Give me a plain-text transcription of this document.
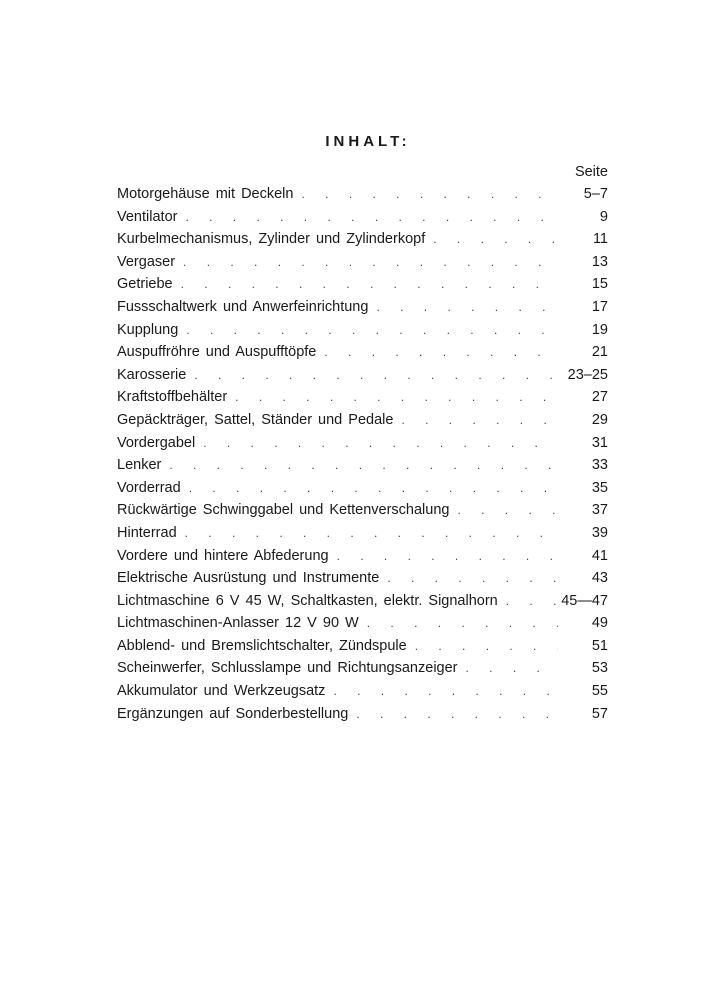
INHALT:
Seite
Motorgehäuse mit Deckeln . . .	5–7
Ventilator . . .	9
Kurbelmechanismus, Zylinder und Zylinderkopf . . .	11
Vergaser . . .	13
Getriebe . . .	15
Fussschaltwerk und Anwerfeinrichtung . . .	17
Kupplung . . .	19
Auspuffröhre und Auspufftöpfe . . .	21
Karosserie . . .	23–25
Kraftstoffbehälter . . .	27
Gepäckträger, Sattel, Ständer und Pedale . . .	29
Vordergabel . . .	31
Lenker . . .	33
Vorderrad . . .	35
Rückwärtige Schwinggabel und Kettenverschalung . . .	37
Hinterrad . . .	39
Vordere und hintere Abfederung . . .	41
Elektrische Ausrüstung und Instrumente . . .	43
Lichtmaschine 6 V 45 W, Schaltkasten, elektr. Signalhorn . . .	45—47
Lichtmaschinen-Anlasser 12 V 90 W . . .	49
Abblend- und Bremslichtschalter, Zündspule . . .	51
Scheinwerfer, Schlusslampe und Richtungsanzeiger . . .	53
Akkumulator und Werkzeugsatz . . .	55
Ergänzungen auf Sonderbestellung . . .	57
